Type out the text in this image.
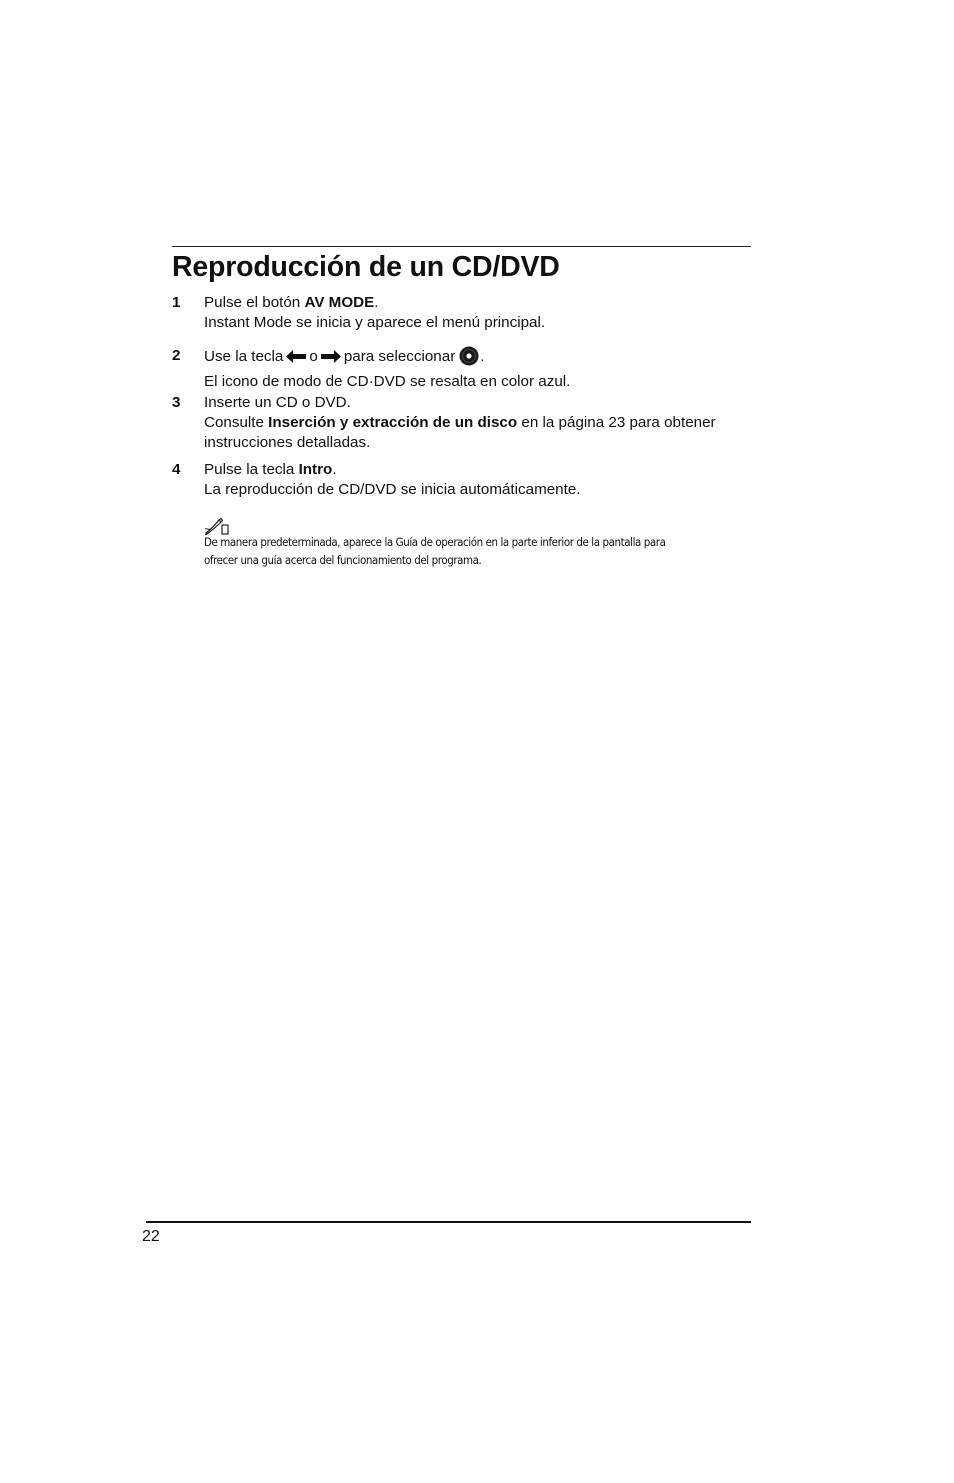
Reproducción de un CD/DVD
1 Pulse el botón AV MODE.
Instant Mode se inicia y aparece el menú principal.
2 Use la tecla o para seleccionar .
El icono de modo de CD·DVD se resalta en color azul.
3 Inserte un CD o DVD.
Consulte Inserción y extracción de un disco en la página 23 para obtener
instrucciones detalladas.
4 Pulse la tecla Intro.
La reproducción de CD/DVD se inicia automáticamente.
De manera predeterminada, aparece la Guía de operación en la parte inferior de la pantalla para
ofrecer una guía acerca del funcionamiento del programa.
22
